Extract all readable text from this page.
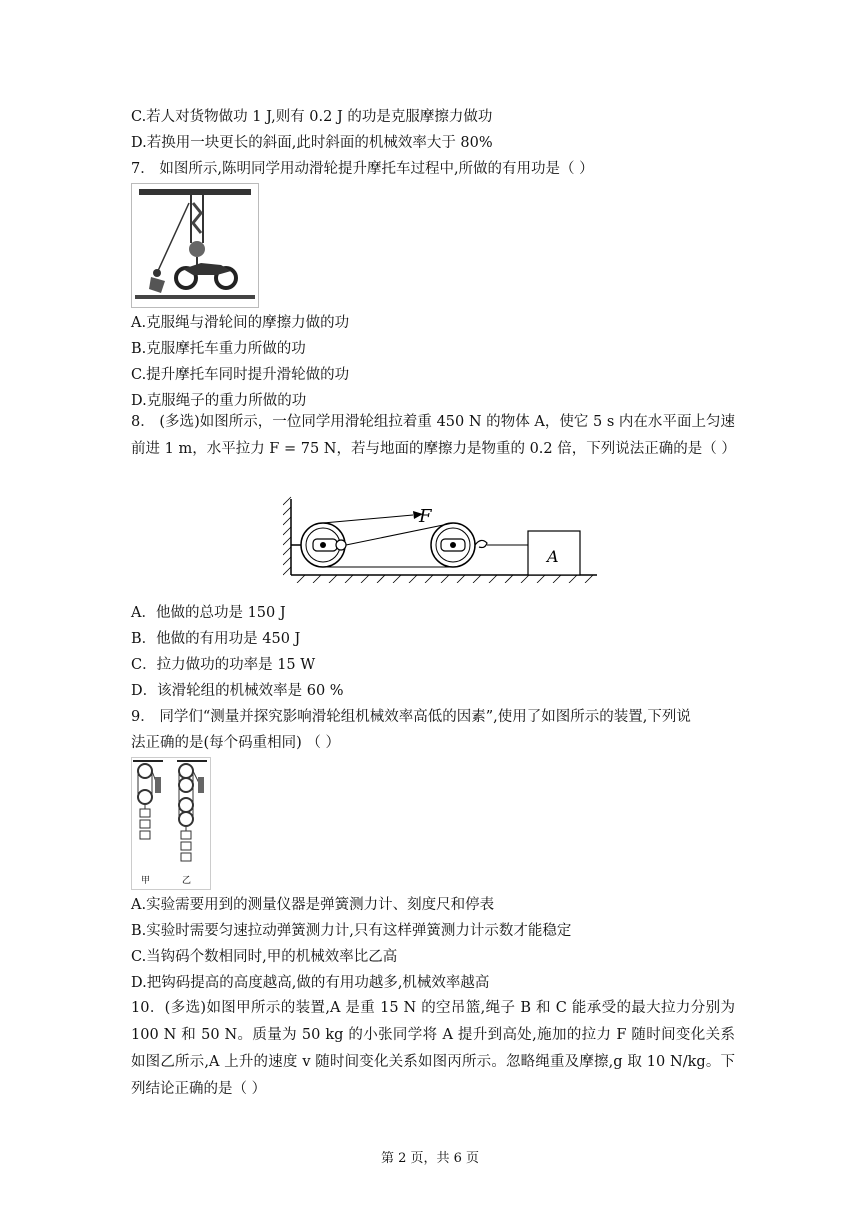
C.若人对货物做功 1 J,则有 0.2 J 的功是克服摩擦力做功
D.若换用一块更长的斜面,此时斜面的机械效率大于 80%
7． 如图所示,陈明同学用动滑轮提升摩托车过程中,所做的有用功是（ ）
A.克服绳与滑轮间的摩擦力做的功
B.克服摩托车重力所做的功
C.提升摩托车同时提升滑轮做的功
D.克服绳子的重力所做的功
8． (多选)如图所示，一位同学用滑轮组拉着重 450 N 的物体 A，使它 5 s 内在水平面上匀速前进 1 m，水平拉力 F = 75 N，若与地面的摩擦力是物重的 0.2 倍，下列说法正确的是（ ）
F
A
A．他做的总功是 150 J
B．他做的有用功是 450 J
C．拉力做功的功率是 15 W
D．该滑轮组的机械效率是 60 %
9． 同学们“测量并探究影响滑轮组机械效率高低的因素”,使用了如图所示的装置,下列说
法正确的是(每个码重相同) （ ）
甲	乙
A.实验需要用到的测量仪器是弹簧测力计、刻度尺和停表
B.实验时需要匀速拉动弹簧测力计,只有这样弹簧测力计示数才能稳定
C.当钩码个数相同时,甲的机械效率比乙高
D.把钩码提高的高度越高,做的有用功越多,机械效率越高
10．(多选)如图甲所示的装置,A 是重 15 N 的空吊篮,绳子 B 和 C 能承受的最大拉力分别为 100 N 和 50 N。质量为 50 kg 的小张同学将 A 提升到高处,施加的拉力 F 随时间变化关系如图乙所示,A 上升的速度 v 随时间变化关系如图丙所示。忽略绳重及摩擦,g 取 10 N/kg。下列结论正确的是（ ）
第 2 页，共 6 页
